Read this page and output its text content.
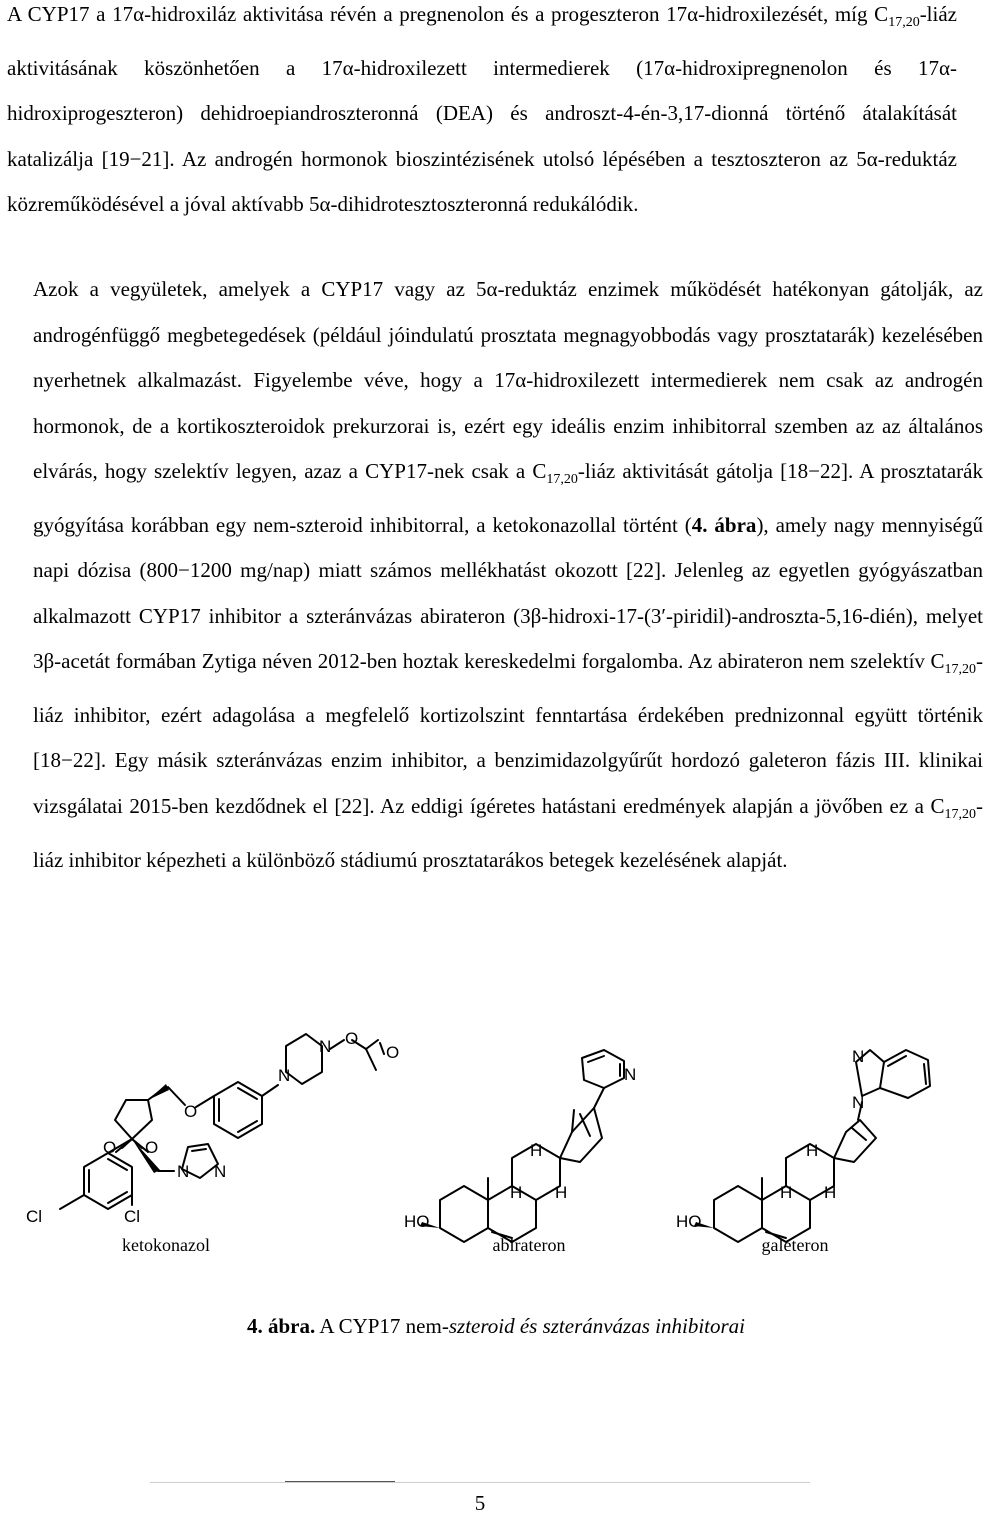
A CYP17 a 17α-hidroxiláz aktivitása révén a pregnenolon és a progeszteron 17α-hidroxilezését, míg $C_{17,20}$-liáz aktivitásának köszönhetően a 17α-hidroxilezett intermedierek (17α-hidroxipregnenolon és 17α-hidroxiprogeszteron) dehidroepiandroszteronná (DEA) és androszt-4-én-3,17-dionná történő átalakítását katalizálja [19−21]. Az androgén hormonok bioszintézisének utolsó lépésében a tesztoszteron az 5α-reduktáz közreműködésével a jóval aktívabb 5α-dihidrotesztoszteronná redukálódik.

Azok a vegyületek, amelyek a CYP17 vagy az 5α-reduktáz enzimek működését hatékonyan gátolják, az androgénfüggő megbetegedések (például jóindulatú prosztata megnagyobbodás vagy prosztatarák) kezelésében nyerhetnek alkalmazást. Figyelembe véve, hogy a 17α-hidroxilezett intermedierek nem csak az androgén hormonok, de a kortikoszteroidok prekurzorai is, ezért egy ideális enzim inhibitorral szemben az az általános elvárás, hogy szelektív legyen, azaz a CYP17-nek csak a $C_{17,20}$-liáz aktivitását gátolja [18−22]. A prosztatarák gyógyítása korábban egy nem-szteroid inhibitorral, a ketokonazollal történt (4. ábra), amely nagy mennyiségű napi dózisa (800−1200 mg/nap) miatt számos mellékhatást okozott [22]. Jelenleg az egyetlen gyógyászatban alkalmazott CYP17 inhibitor a szteránvázas abirateron (3β-hidroxi-17-(3′-piridil)-androszta-5,16-dién), melyet 3β-acetát formában Zytiga néven 2012-ben hoztak kereskedelmi forgalomba. Az abirateron nem szelektív $C_{17,20}$-liáz inhibitor, ezért adagolása a megfelelő kortizolszint fenntartása érdekében prednizonnal együtt történik [18−22]. Egy másik szteránvázas enzim inhibitor, a benzimidazolgyűrűt hordozó galeteron fázis III. klinikai vizsgálatai 2015-ben kezdődnek el [22]. Az eddigi ígéretes hatástani eredmények alapján a jövőben ez a $C_{17,20}$-liáz inhibitor képezheti a különböző stádiumú prosztatarákos betegek kezelésének alapját.

Cl	Cl
O O
N N
O
N
N O
O
HO
H
H H
N
HO
H
H H
N
N
ketokonazol	abirateron	galeteron
4. ábra. A CYP17 nem-szteroid és szteránvázas inhibitorai
5
